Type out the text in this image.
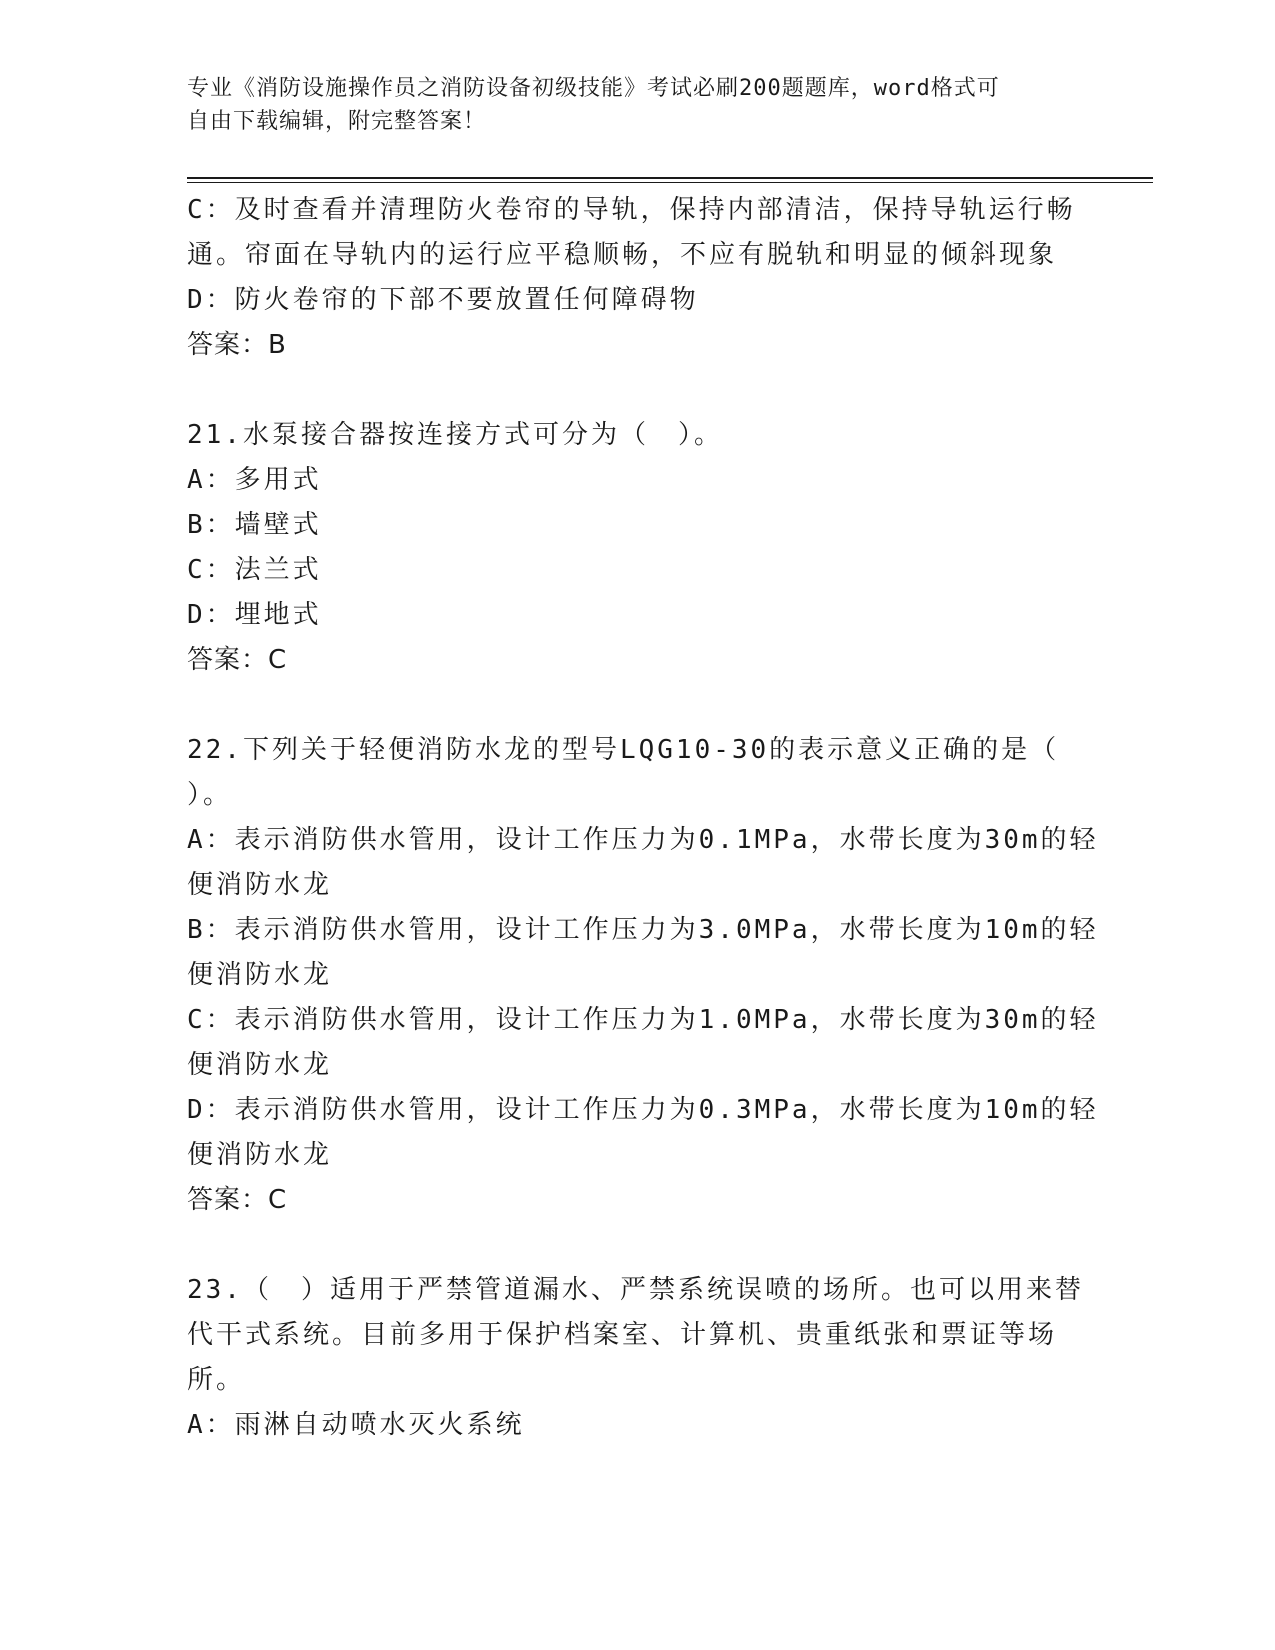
专业《消防设施操作员之消防设备初级技能》考试必刷200题题库，word格式可
自由下载编辑，附完整答案！
C：及时查看并清理防火卷帘的导轨，保持内部清洁，保持导轨运行畅
通。帘面在导轨内的运行应平稳顺畅，不应有脱轨和明显的倾斜现象
D：防火卷帘的下部不要放置任何障碍物
答案：B
21.水泵接合器按连接方式可分为（　）。
A：多用式
B：墙壁式
C：法兰式
D：埋地式
答案：C
22.下列关于轻便消防水龙的型号LQG10-30的表示意义正确的是（
）。
A：表示消防供水管用，设计工作压力为0.1MPa，水带长度为30m的轻
便消防水龙
B：表示消防供水管用，设计工作压力为3.0MPa，水带长度为10m的轻
便消防水龙
C：表示消防供水管用，设计工作压力为1.0MPa，水带长度为30m的轻
便消防水龙
D：表示消防供水管用，设计工作压力为0.3MPa，水带长度为10m的轻
便消防水龙
答案：C
23.（　）适用于严禁管道漏水、严禁系统误喷的场所。也可以用来替
代干式系统。目前多用于保护档案室、计算机、贵重纸张和票证等场
所。
A：雨淋自动喷水灭火系统
